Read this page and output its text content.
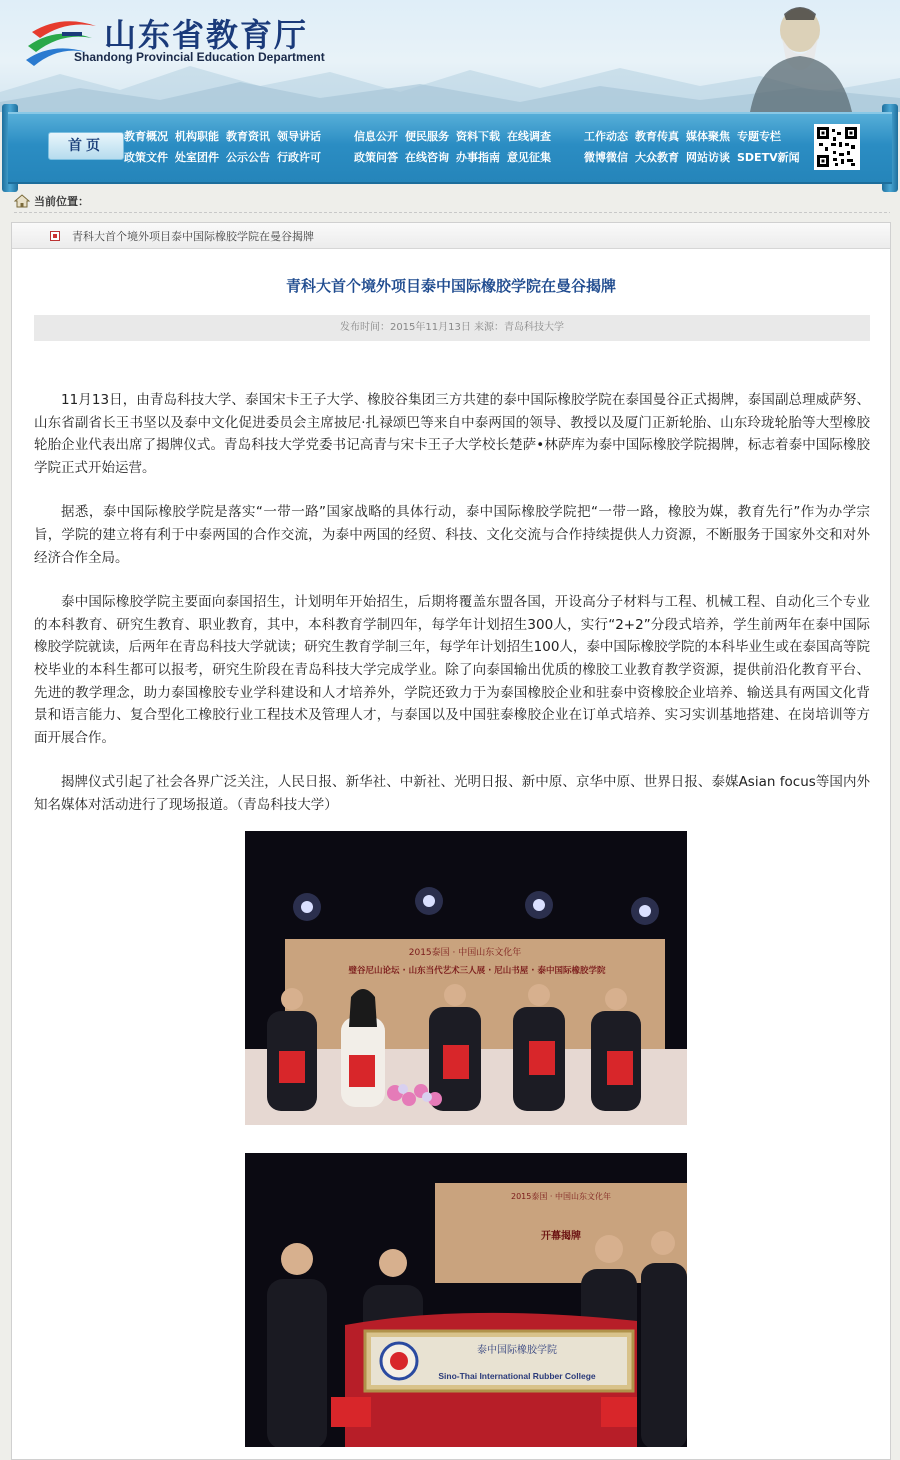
山东省教育厅
Shandong Provincial Education Department
首页
教育概况 机构职能 教育资讯 领导讲话
政策文件 处室团件 公示公告 行政许可
信息公开 便民服务 资料下载 在线调查
政策问答 在线咨询 办事指南 意见征集
工作动态 教育传真 媒体聚焦 专题专栏
微博微信 大众教育 网站访谈 SDETV新闻
当前位置：
青科大首个境外项目泰中国际橡胶学院在曼谷揭牌
青科大首个境外项目泰中国际橡胶学院在曼谷揭牌
发布时间：2015年11月13日 来源：青岛科技大学

11月13日，由青岛科技大学、泰国宋卡王子大学、橡胶谷集团三方共建的泰中国际橡胶学院在泰国曼谷正式揭牌，泰国副总理威萨努、山东省副省长王书坚以及泰中文化促进委员会主席披尼·扎禄颂巴等来自中泰两国的领导、教授以及厦门正新轮胎、山东玲珑轮胎等大型橡胶轮胎企业代表出席了揭牌仪式。青岛科技大学党委书记高青与宋卡王子大学校长楚萨•林萨库为泰中国际橡胶学院揭牌，标志着泰中国际橡胶学院正式开始运营。

据悉，泰中国际橡胶学院是落实“一带一路”国家战略的具体行动，泰中国际橡胶学院把“一带一路，橡胶为媒，教育先行”作为办学宗旨，学院的建立将有利于中泰两国的合作交流，为泰中两国的经贸、科技、文化交流与合作持续提供人力资源，不断服务于国家外交和对外经济合作全局。

泰中国际橡胶学院主要面向泰国招生，计划明年开始招生，后期将覆盖东盟各国，开设高分子材料与工程、机械工程、自动化三个专业的本科教育、研究生教育、职业教育，其中，本科教育学制四年，每学年计划招生300人，实行“2+2”分段式培养，学生前两年在泰中国际橡胶学院就读，后两年在青岛科技大学就读；研究生教育学制三年，每学年计划招生100人，泰中国际橡胶学院的本科毕业生或在泰国高等院校毕业的本科生都可以报考，研究生阶段在青岛科技大学完成学业。除了向泰国输出优质的橡胶工业教育教学资源，提供前沿化教育平台、先进的教学理念，助力泰国橡胶专业学科建设和人才培养外，学院还致力于为泰国橡胶企业和驻泰中资橡胶企业培养、输送具有两国文化背景和语言能力、复合型化工橡胶行业工程技术及管理人才，与泰国以及中国驻泰橡胶企业在订单式培养、实习实训基地搭建、在岗培训等方面开展合作。

揭牌仪式引起了社会各界广泛关注，人民日报、新华社、中新社、光明日报、新中原、京华中原、世界日报、泰媒Asian focus等国内外知名媒体对活动进行了现场报道。（青岛科技大学）

2015泰国 · 中国山东文化年
璧谷尼山论坛 · 山东当代艺术三人展 · 尼山书屋 · 泰中国际橡胶学院
2015泰国 · 中国山东文化年
开幕揭牌
泰中国际橡胶学院
Sino-Thai International Rubber College
